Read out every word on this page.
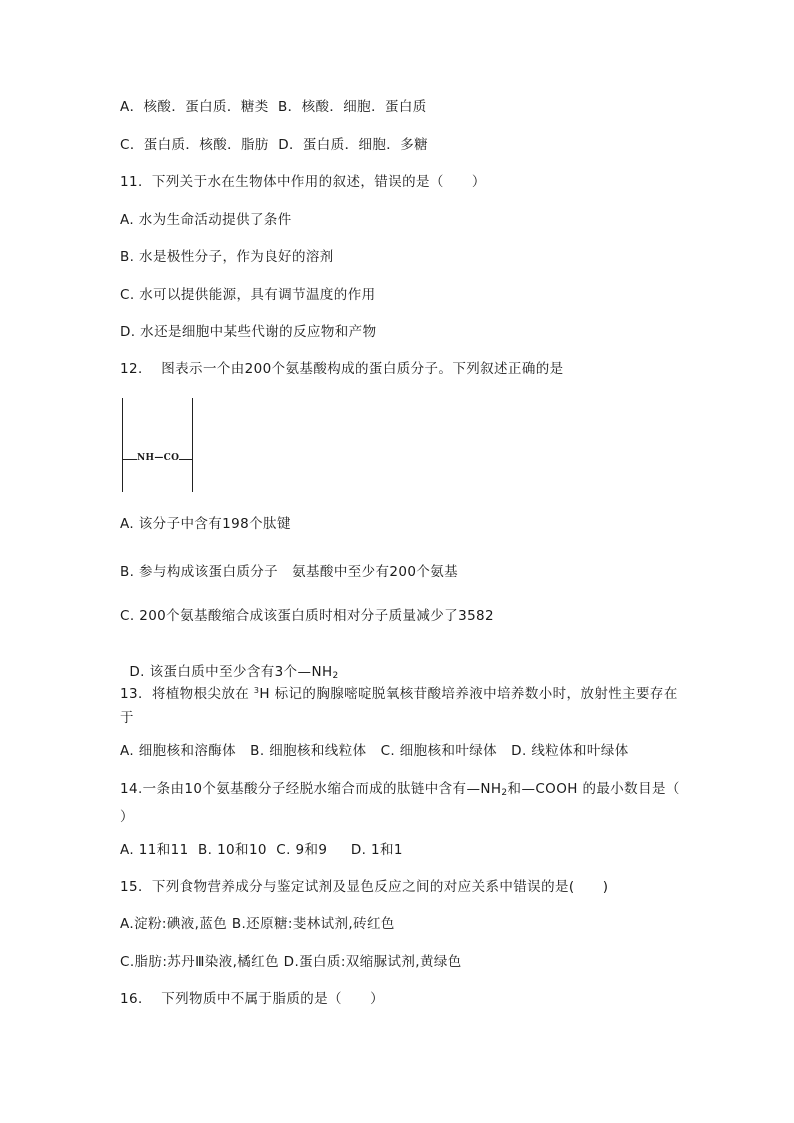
A．核酸．蛋白质．糖类  B．核酸．细胞．蛋白质
C．蛋白质．核酸．脂肪  D．蛋白质．细胞．多糖
11．下列关于水在生物体中作用的叙述，错误的是（      ）
A. 水为生命活动提供了条件
B. 水是极性分子，作为良好的溶剂
C. 水可以提供能源，具有调节温度的作用
D. 水还是细胞中某些代谢的反应物和产物
12．  图表示一个由200个氨基酸构成的蛋白质分子。下列叙述正确的是
NH—CO
A. 该分子中含有198个肽键
B. 参与构成该蛋白质分子   氨基酸中至少有200个氨基
C. 200个氨基酸缩合成该蛋白质时相对分子质量减少了3582

D. 该蛋白质中至少含有3个$—NH_2$

13．将植物根尖放在 $^3$H 标记的胸腺嘧啶脱氧核苷酸培养液中培养数小时，放射性主要存在于
A. 细胞核和溶酶体   B. 细胞核和线粒体   C. 细胞核和叶绿体   D. 线粒体和叶绿体
14.一条由10个氨基酸分子经脱水缩合而成的肽链中含有$—NH_2$和—COOH 的最小数目是（ ）
A. 11和11  B. 10和10  C. 9和9     D. 1和1
15．下列食物营养成分与鉴定试剂及显色反应之间的对应关系中错误的是(      )
A.淀粉:碘液,蓝色 B.还原糖:斐林试剂,砖红色
C.脂肪:苏丹Ⅲ染液,橘红色 D.蛋白质:双缩脲试剂,黄绿色
16．  下列物质中不属于脂质的是（      ）
